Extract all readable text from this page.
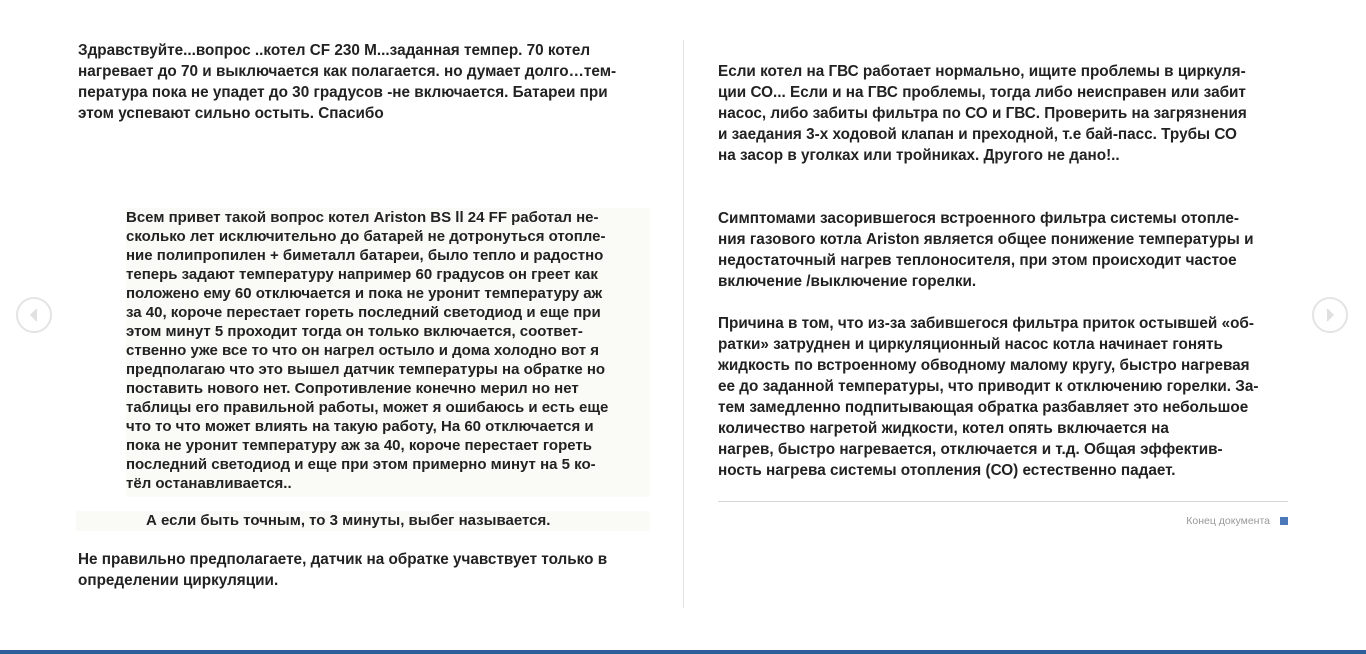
Здравствуйте...вопрос ..котел CF 230 M...заданная темпер. 70 котел
нагревает до 70 и выключается как полагается. но думает долго…тем-
пература пока не упадет до 30 градусов -не включается. Батареи при
этом успевают сильно остыть. Спасибо

Всем привет такой вопрос котел Ariston BS ll 24 FF работал не-
сколько лет исключительно до батарей не дотронуться отопле-
ние полипропилен + биметалл батареи, было тепло и радостно
теперь задают температуру например 60 градусов он греет как
положено ему 60 отключается и пока не уронит температуру аж
за 40, короче перестает гореть последний светодиод и еще при
этом минут 5 проходит тогда он только включается, соответ-
ственно уже все то что он нагрел остыло и дома холодно вот я
предполагаю что это вышел датчик температуры на обратке но
поставить нового нет. Сопротивление конечно мерил но нет
таблицы его правильной работы, может я ошибаюсь и есть еще
что то что может влиять на такую работу, На 60 отключается и
пока не уронит температуру аж за 40, короче перестает гореть
последний светодиод и еще при этом примерно минут на 5 ко-
тёл останавливается..

А если быть точным, то 3 минуты, выбег называется.

Не правильно предполагаете, датчик на обратке учавствует только в
определении циркуляции.

Если котел на ГВС работает нормально, ищите проблемы в циркуля-
ции СО... Если и на ГВС проблемы, тогда либо неисправен или забит
насос, либо забиты фильтра по СО и ГВС. Проверить на загрязнения
и заедания 3-х ходовой клапан и преходной, т.е бай-пасс. Трубы СО
на засор в уголках или тройниках. Другого не дано!..

Симптомами засорившегося встроенного фильтра системы отопле-
ния газового котла Ariston является общее понижение температуры и
недостаточный нагрев теплоносителя, при этом происходит частое
включение /выключение горелки.

Причина в том, что из-за забившегося фильтра приток остывшей «об-
ратки» затруднен и циркуляционный насос котла начинает гонять
жидкость по встроенному обводному малому кругу, быстро нагревая
ее до заданной температуры, что приводит к отключению горелки. За-
тем замедленно подпитывающая обратка разбавляет это небольшое
количество нагретой жидкости, котел опять включается на
нагрев, быстро нагревается, отключается и т.д. Общая эффектив-
ность нагрева системы отопления (СО) естественно падает.

Конец документа
